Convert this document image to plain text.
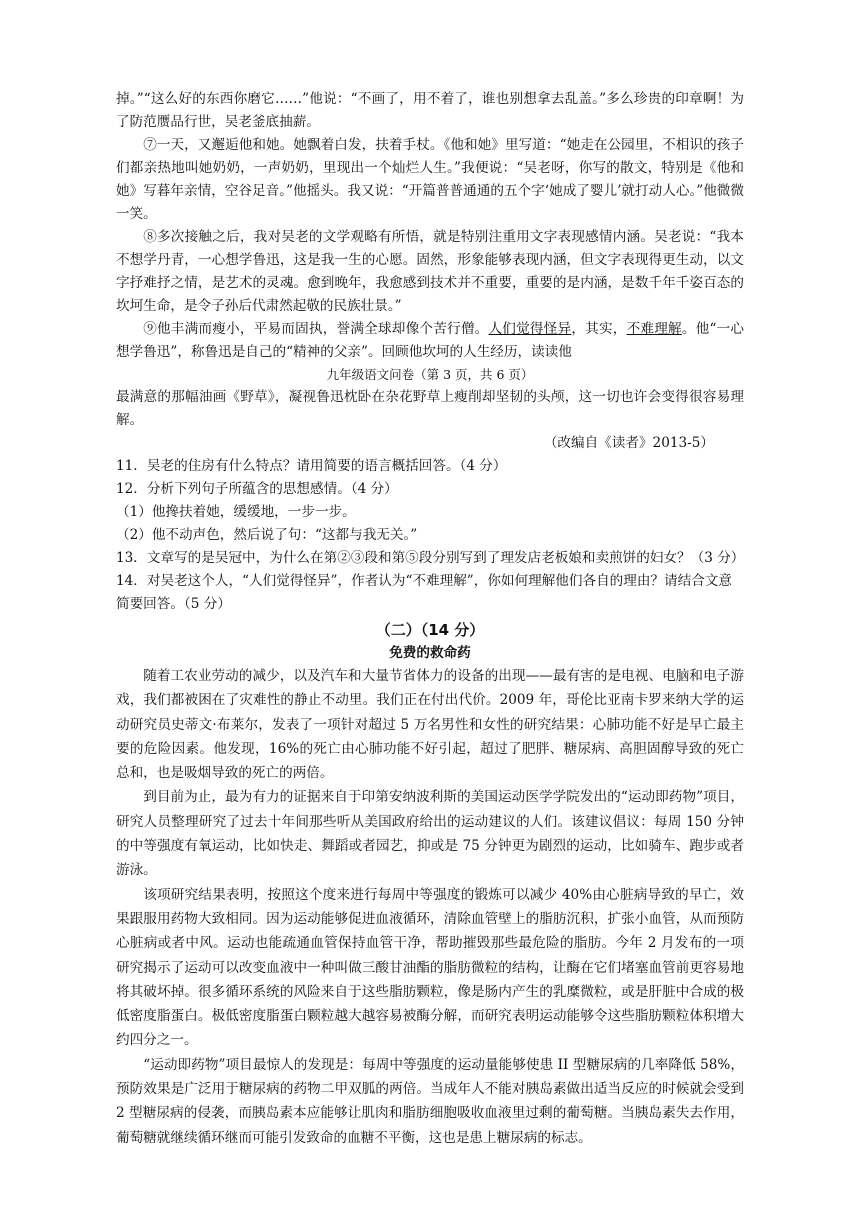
掉。”“这么好的东西你磨它……”他说：“不画了，用不着了，谁也别想拿去乱盖。”多么珍贵的印章啊！为了防范赝品行世，吴老釜底抽薪。

⑦一天，又邂逅他和她。她飘着白发，扶着手杖。《他和她》里写道：“她走在公园里，不相识的孩子们都亲热地叫她奶奶，一声奶奶，里现出一个灿烂人生。”我便说：“吴老呀，你写的散文，特别是《他和她》写暮年亲情，空谷足音。”他摇头。我又说：“开篇普普通通的五个字‘她成了婴儿’就打动人心。”他微微一笑。

⑧多次接触之后，我对吴老的文学观略有所悟，就是特别注重用文字表现感情内涵。吴老说：“我本不想学丹青，一心想学鲁迅，这是我一生的心愿。固然，形象能够表现内涵，但文字表现得更生动，以文字抒难抒之情，是艺术的灵魂。愈到晚年，我愈感到技术并不重要，重要的是内涵，是数千年千姿百态的坎坷生命，是令子孙后代肃然起敬的民族壮景。”

⑨他丰满而瘦小，平易而固执，誉满全球却像个苦行僧。人们觉得怪异，其实，不难理解。他“一心想学鲁迅”，称鲁迅是自己的“精神的父亲”。回顾他坎坷的人生经历，读读他

九年级语文问卷（第 3 页，共 6 页）

最满意的那幅油画《野草》，凝视鲁迅枕卧在杂花野草上瘦削却坚韧的头颅，这一切也许会变得很容易理解。

（改编自《读者》2013-5）

11．吴老的住房有什么特点？请用简要的语言概括回答。（4 分）

12．分析下列句子所蕴含的思想感情。（4 分）

（1）他搀扶着她，缓缓地，一步一步。

（2）他不动声色，然后说了句：“这都与我无关。”

13．文章写的是吴冠中，为什么在第②③段和第⑤段分别写到了理发店老板娘和卖煎饼的妇女？（3 分）

14．对吴老这个人，“人们觉得怪异”，作者认为“不难理解”，你如何理解他们各自的理由？请结合文意简要回答。（5 分）

（二）（14 分）

免费的救命药

随着工农业劳动的减少，以及汽车和大量节省体力的设备的出现——最有害的是电视、电脑和电子游戏，我们都被困在了灾难性的静止不动里。我们正在付出代价。2009 年，哥伦比亚南卡罗来纳大学的运动研究员史蒂文·布莱尔，发表了一项针对超过 5 万名男性和女性的研究结果：心肺功能不好是早亡最主要的危险因素。他发现，16%的死亡由心肺功能不好引起，超过了肥胖、糖尿病、高胆固醇导致的死亡总和，也是吸烟导致的死亡的两倍。

到目前为止，最为有力的证据来自于印第安纳波利斯的美国运动医学学院发出的“运动即药物”项目，研究人员整理研究了过去十年间那些听从美国政府给出的运动建议的人们。该建议倡议：每周 150 分钟的中等强度有氧运动，比如快走、舞蹈或者园艺，抑或是 75 分钟更为剧烈的运动，比如骑车、跑步或者游泳。

该项研究结果表明，按照这个度来进行每周中等强度的锻炼可以减少 40%由心脏病导致的早亡，效果跟服用药物大致相同。因为运动能够促进血液循环，清除血管壁上的脂肪沉积，扩张小血管，从而预防心脏病或者中风。运动也能疏通血管保持血管干净，帮助摧毁那些最危险的脂肪。今年 2 月发布的一项研究揭示了运动可以改变血液中一种叫做三酸甘油酯的脂肪微粒的结构，让酶在它们堵塞血管前更容易地将其破坏掉。很多循环系统的风险来自于这些脂肪颗粒，像是肠内产生的乳糜微粒，或是肝脏中合成的极低密度脂蛋白。极低密度脂蛋白颗粒越大越容易被酶分解，而研究表明运动能够令这些脂肪颗粒体积增大约四分之一。

“运动即药物”项目最惊人的发现是：每周中等强度的运动量能够使患 II 型糖尿病的几率降低 58%，预防效果是广泛用于糖尿病的药物二甲双胍的两倍。当成年人不能对胰岛素做出适当反应的时候就会受到 2 型糖尿病的侵袭，而胰岛素本应能够让肌肉和脂肪细胞吸收血液里过剩的葡萄糖。当胰岛素失去作用，葡萄糖就继续循环继而可能引发致命的血糖不平衡，这也是患上糖尿病的标志。
